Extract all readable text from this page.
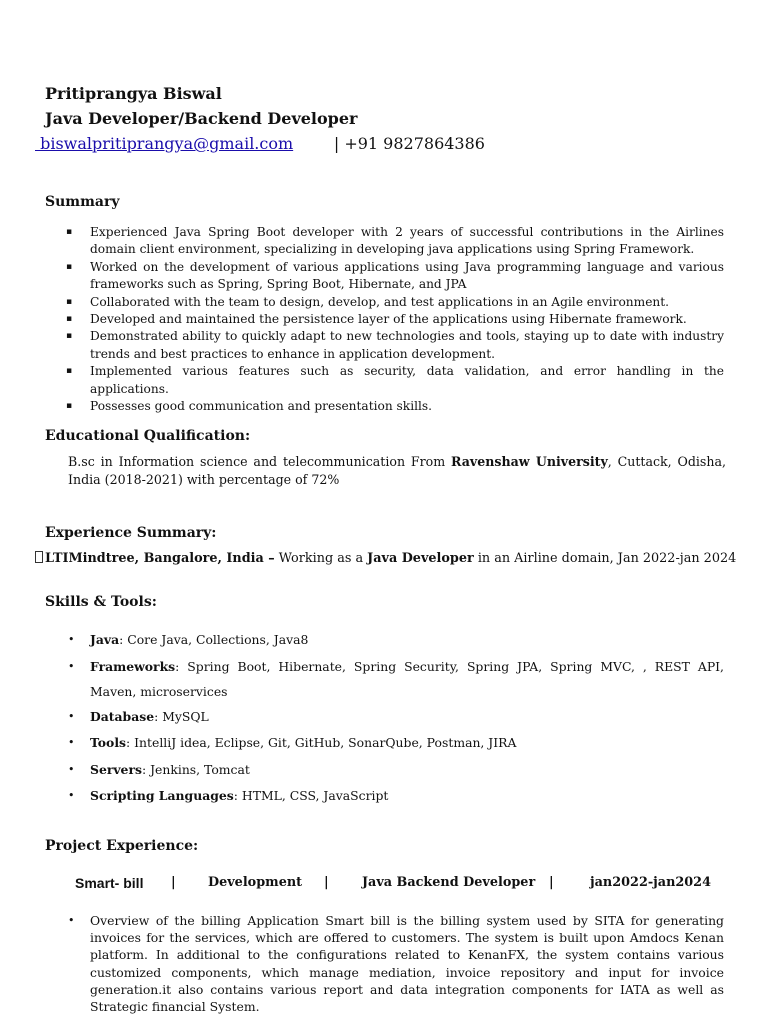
Pritiprangya Biswal
Java Developer/Backend Developer
biswalpritiprangya@gmail.com	| +91 9827864386
Summary
▪ Experienced Java Spring Boot developer with 2 years of successful contributions in the Airlines domain client environment, specializing in developing java applications using Spring Framework.
▪ Worked on the development of various applications using Java programming language and various frameworks such as Spring, Spring Boot, Hibernate, and JPA
▪ Collaborated with the team to design, develop, and test applications in an Agile environment.
▪ Developed and maintained the persistence layer of the applications using Hibernate framework.
▪ Demonstrated ability to quickly adapt to new technologies and tools, staying up to date with industry trends and best practices to enhance in application development.
▪ Implemented various features such as security, data validation, and error handling in the applications.
▪ Possesses good communication and presentation skills.
Educational Qualification:
B.sc in Information science and telecommunication From Ravenshaw University, Cuttack, Odisha, India (2018-2021) with percentage of 72%
Experience Summary:
LTIMindtree, Bangalore, India – Working as a Java Developer in an Airline domain, Jan 2022-jan 2024
Skills & Tools:
• Java: Core Java, Collections, Java8
• Frameworks: Spring Boot, Hibernate, Spring Security, Spring JPA, Spring MVC, , REST API, Maven, microservices
• Database: MySQL
• Tools: IntelliJ idea, Eclipse, Git, GitHub, SonarQube, Postman, JIRA
• Servers: Jenkins, Tomcat
• Scripting Languages: HTML, CSS, JavaScript
Project Experience:
Smart- bill |	Development |	Java Backend Developer |	jan2022-jan2024
• Overview of the billing Application Smart bill is the billing system used by SITA for generating invoices for the services, which are offered to customers. The system is built upon Amdocs Kenan platform. In additional to the configurations related to KenanFX, the system contains various customized components, which manage mediation, invoice repository and input for invoice generation.it also contains various report and data integration components for IATA as well as Strategic financial System.
